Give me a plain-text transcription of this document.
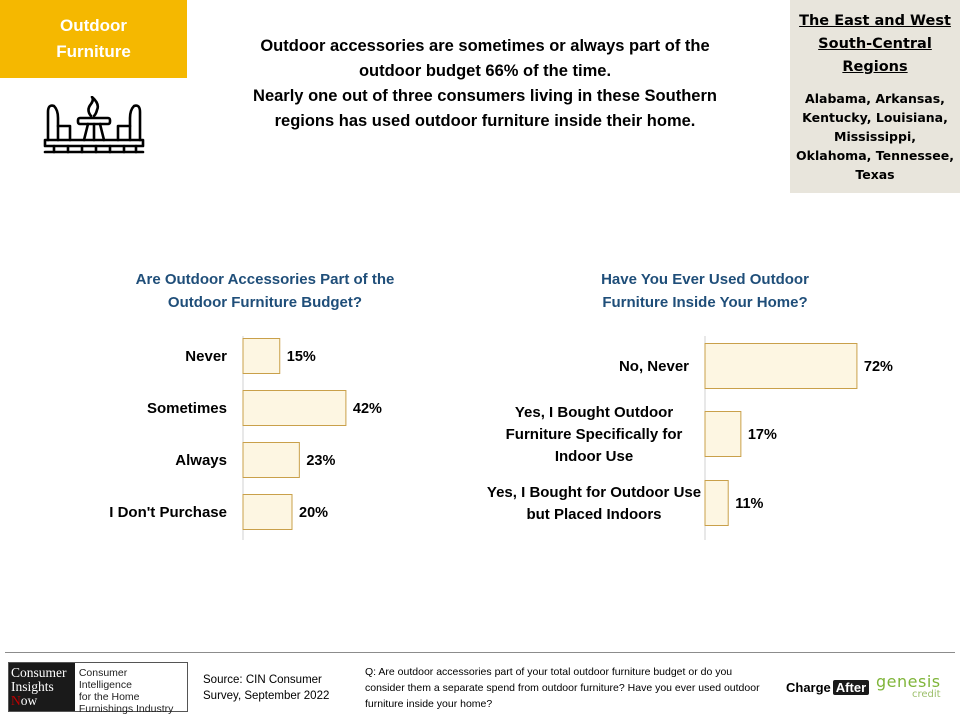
Outdoor
Furniture	Outdoor accessories are sometimes or always part of the
outdoor budget 66% of the time.
Nearly one out of three consumers living in these Southern
regions has used outdoor furniture inside their home.
The East and West
South-Central
Regions
Alabama, Arkansas, Kentucky, Louisiana, Mississippi, Oklahoma, Tennessee, Texas
Are Outdoor Accessories Part of the
Outdoor Furniture Budget?
Have You Ever Used Outdoor
Furniture Inside Your Home?
15%
Never
42%
Sometimes
23%
Always
20%
I Don't Purchase
72%
No, Never
17%
Yes, I Bought Outdoor
Furniture Specifically for
Indoor Use
11%
Yes, I Bought for Outdoor Use
but Placed Indoors
Consumer
Insights
Now
Consumer Intelligence
for the Home
Furnishings Industry
Source: CIN Consumer
Survey, September 2022
Q: Are outdoor accessories part of your total outdoor furniture budget or do you consider them a separate spend from outdoor furniture? Have you ever used outdoor furniture inside your home?
Charge After genesis
credit
